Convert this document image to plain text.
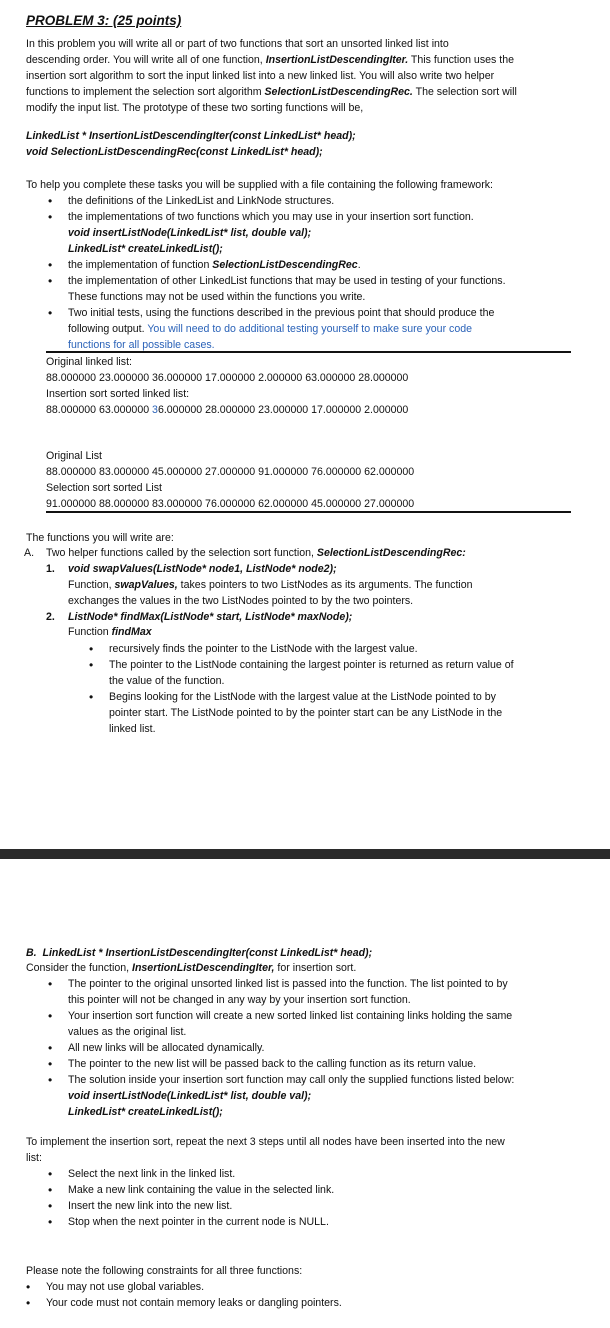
PROBLEM 3: (25 points)
In this problem you will write all or part of two functions that sort an unsorted linked list into
descending order. You will write all of one function, InsertionListDescendingIter. This function uses the
insertion sort algorithm to sort the input linked list into a new linked list. You will also write two helper
functions to implement the selection sort algorithm SelectionListDescendingRec. The selection sort will
modify the input list. The prototype of these two sorting functions will be,
LinkedList * InsertionListDescendingIter(const LinkedList* head);
void SelectionListDescendingRec(const LinkedList* head);
To help you complete these tasks you will be supplied with a file containing the following framework:
• the definitions of the LinkedList and LinkNode structures.
• the implementations of two functions which you may use in your insertion sort function.
void insertListNode(LinkedList* list, double val);
LinkedList* createLinkedList();
• the implementation of function SelectionListDescendingRec.
• the implementation of other LinkedList functions that may be used in testing of your functions.
These functions may not be used within the functions you write.
• Two initial tests, using the functions described in the previous point that should produce the
following output. You will need to do additional testing yourself to make sure your code
functions for all possible cases.
Original linked list:
88.000000 23.000000 36.000000 17.000000 2.000000 63.000000 28.000000
Insertion sort sorted linked list:
88.000000 63.000000 36.000000 28.000000 23.000000 17.000000 2.000000
Original List
88.000000 83.000000 45.000000 27.000000 91.000000 76.000000 62.000000
Selection sort sorted List
91.000000 88.000000 83.000000 76.000000 62.000000 45.000000 27.000000
The functions you will write are:
A. Two helper functions called by the selection sort function, SelectionListDescendingRec:
1. void swapValues(ListNode* node1, ListNode* node2);
Function, swapValues, takes pointers to two ListNodes as its arguments. The function
exchanges the values in the two ListNodes pointed to by the two pointers.
2. ListNode* findMax(ListNode* start, ListNode* maxNode);
Function findMax
• recursively finds the pointer to the ListNode with the largest value.
• The pointer to the ListNode containing the largest pointer is returned as return value of
the value of the function.
• Begins looking for the ListNode with the largest value at the ListNode pointed to by
pointer start. The ListNode pointed to by the pointer start can be any ListNode in the
linked list.
B. LinkedList * InsertionListDescendingIter(const LinkedList* head);
Consider the function, InsertionListDescendingIter, for insertion sort.
• The pointer to the original unsorted linked list is passed into the function. The list pointed to by
this pointer will not be changed in any way by your insertion sort function.
• Your insertion sort function will create a new sorted linked list containing links holding the same
values as the original list.
• All new links will be allocated dynamically.
• The pointer to the new list will be passed back to the calling function as its return value.
• The solution inside your insertion sort function may call only the supplied functions listed below:
void insertListNode(LinkedList* list, double val);
LinkedList* createLinkedList();
To implement the insertion sort, repeat the next 3 steps until all nodes have been inserted into the new
list:
• Select the next link in the linked list.
• Make a new link containing the value in the selected link.
• Insert the new link into the new list.
• Stop when the next pointer in the current node is NULL.
Please note the following constraints for all three functions:
• You may not use global variables.
• Your code must not contain memory leaks or dangling pointers.
